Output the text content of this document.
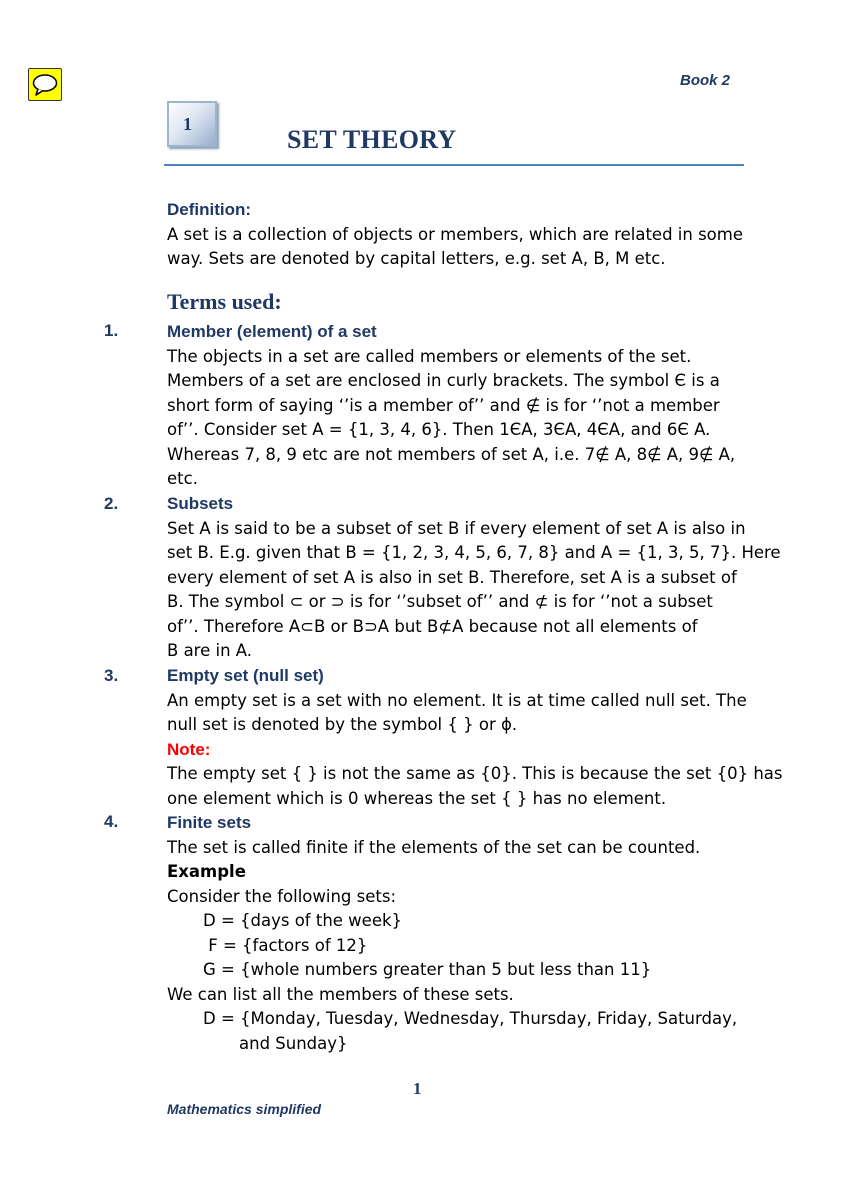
Book 2
1
SET THEORY
Definition:
A set is a collection of objects or members, which are related in some
way. Sets are denoted by capital letters, e.g. set A, B, M etc.
Terms used:
1.	Member (element) of a set
The objects in a set are called members or elements of the set.
Members of a set are enclosed in curly brackets. The symbol Є is a
short form of saying ‘’is a member of’’ and ∉ is for ‘’not a member
of’’. Consider set A = {1, 3, 4, 6}. Then 1ЄA, 3ЄA, 4ЄA, and 6Є A.
Whereas 7, 8, 9 etc are not members of set A, i.e. 7∉ A, 8∉ A, 9∉ A,
etc.
2.	Subsets
Set A is said to be a subset of set B if every element of set A is also in
set B. E.g. given that B = {1, 2, 3, 4, 5, 6, 7, 8} and A = {1, 3, 5, 7}. Here
every element of set A is also in set B. Therefore, set A is a subset of
B. The symbol ⊂ or ⊃ is for ‘’subset of’’ and ⊄ is for ‘’not a subset
of’’. Therefore A⊂B or B⊃A but B⊄A because not all elements of
B are in A.
3.	Empty set (null set)
An empty set is a set with no element. It is at time called null set. The
null set is denoted by the symbol { } or ϕ.
Note:
The empty set { } is not the same as {0}. This is because the set {0} has
one element which is 0 whereas the set { } has no element.
4.	Finite sets
The set is called finite if the elements of the set can be counted.
Example
Consider the following sets:
D = {days of the week}
F = {factors of 12}
G = {whole numbers greater than 5 but less than 11}
We can list all the members of these sets.
D = {Monday, Tuesday, Wednesday, Thursday, Friday, Saturday,
and Sunday}
1
Mathematics simplified
